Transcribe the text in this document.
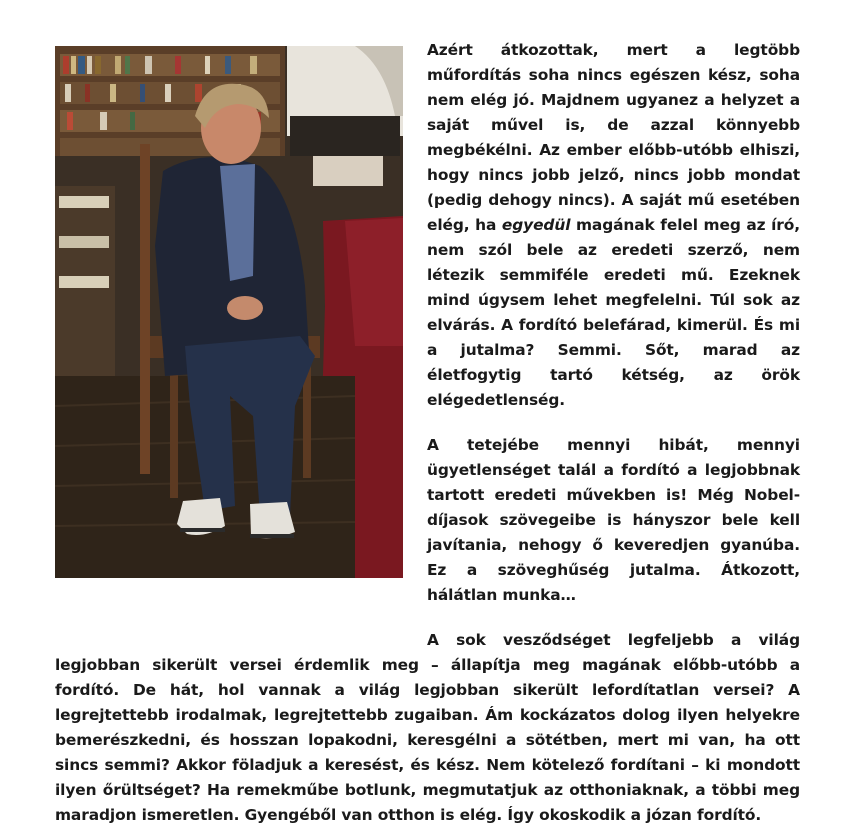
Azért átkozottak, mert a legtöbb műfordítás soha nincs egészen kész, soha nem elég jó. Majdnem ugyanez a helyzet a saját művel is, de azzal könnyebb megbékélni. Az ember előbb-utóbb elhiszi, hogy nincs jobb jelző, nincs jobb mondat (pedig dehogy nincs). A saját mű esetében elég, ha egyedül magának felel meg az író, nem szól bele az eredeti szerző, nem létezik semmiféle eredeti mű. Ezeknek mind úgysem lehet megfelelni. Túl sok az elvárás. A fordító belefárad, kimerül. És mi a jutalma? Semmi. Sőt, marad az életfogytig tartó kétség, az örök elégedetlenség.

A tetejébe mennyi hibát, mennyi ügyetlenséget talál a fordító a legjobbnak tartott eredeti művekben is! Még Nobel-díjasok szövegeibe is hányszor bele kell javítania, nehogy ő keveredjen gyanúba. Ez a szöveghűség jutalma. Átkozott, hálátlan munka…

A sok vesződséget legfeljebb a világ legjobban sikerült versei érdemlik meg – állapítja meg magának előbb-utóbb a fordító. De hát, hol vannak a világ legjobban sikerült lefordítatlan versei? A legrejtettebb irodalmak, legrejtettebb zugaiban. Ám kockázatos dolog ilyen helyekre bemerészkedni, és hosszan lopakodni, keresgélni a sötétben, mert mi van, ha ott sincs semmi? Akkor föladjuk a keresést, és kész. Nem kötelező fordítani – ki mondott ilyen őrültséget? Ha remekműbe botlunk, megmutatjuk az otthoniaknak, a többi meg maradjon ismeretlen. Gyengéből van otthon is elég. Így okoskodik a józan fordító.
